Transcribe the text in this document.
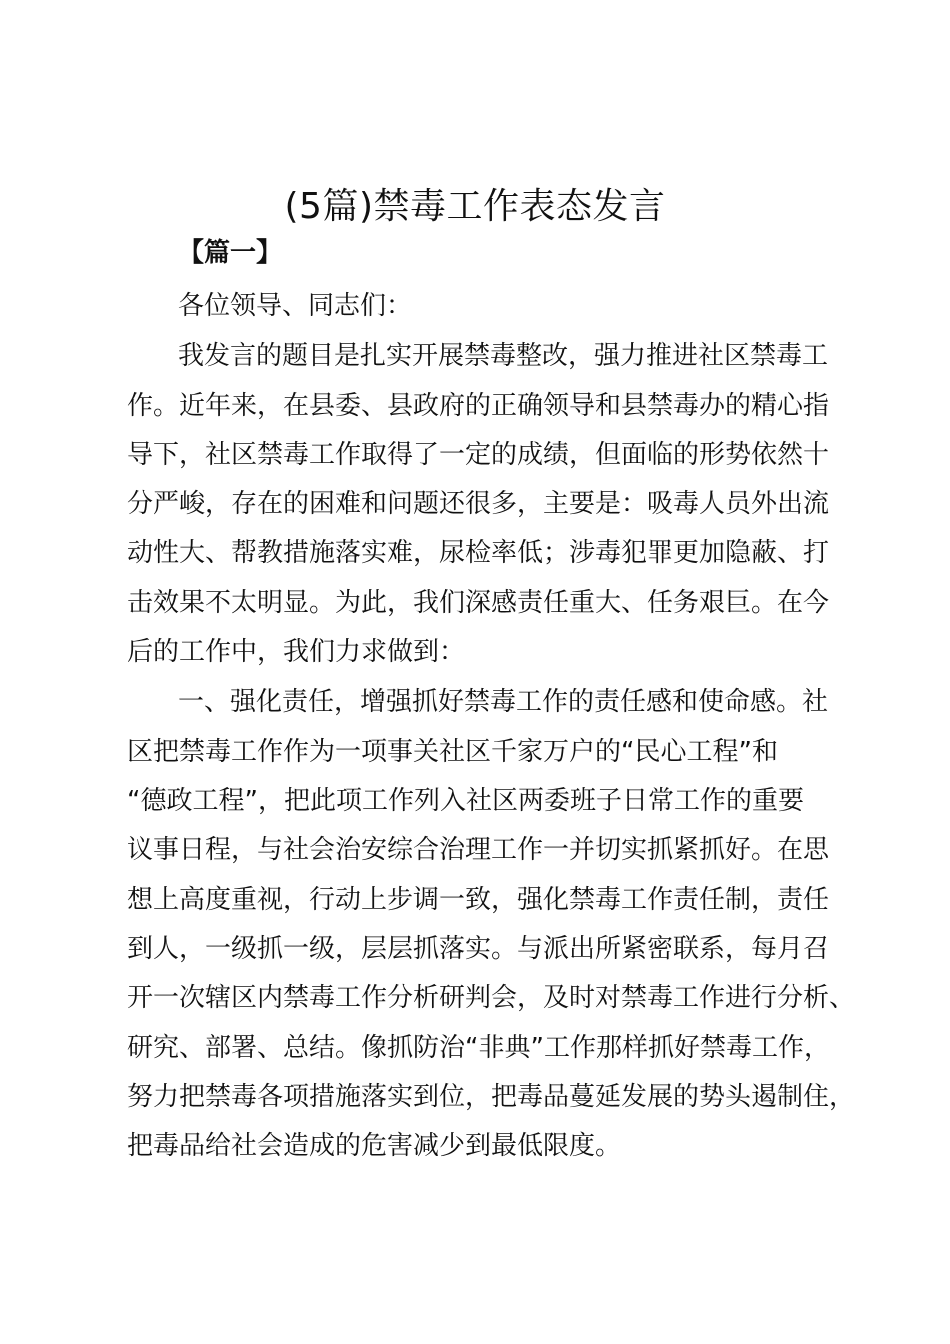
(5篇)禁毒工作表态发言
【篇一】
各位领导、同志们：
我发言的题目是扎实开展禁毒整改，强力推进社区禁毒工
作。近年来，在县委、县政府的正确领导和县禁毒办的精心指
导下，社区禁毒工作取得了一定的成绩，但面临的形势依然十
分严峻，存在的困难和问题还很多，主要是：吸毒人员外出流
动性大、帮教措施落实难，尿检率低；涉毒犯罪更加隐蔽、打
击效果不太明显。为此，我们深感责任重大、任务艰巨。在今
后的工作中，我们力求做到：
一、强化责任，增强抓好禁毒工作的责任感和使命感。社
区把禁毒工作作为一项事关社区千家万户的“民心工程”和
“德政工程”，把此项工作列入社区两委班子日常工作的重要
议事日程，与社会治安综合治理工作一并切实抓紧抓好。在思
想上高度重视，行动上步调一致，强化禁毒工作责任制，责任
到人，一级抓一级，层层抓落实。与派出所紧密联系，每月召
开一次辖区内禁毒工作分析研判会，及时对禁毒工作进行分析、
研究、部署、总结。像抓防治“非典”工作那样抓好禁毒工作，
努力把禁毒各项措施落实到位，把毒品蔓延发展的势头遏制住，
把毒品给社会造成的危害减少到最低限度。
